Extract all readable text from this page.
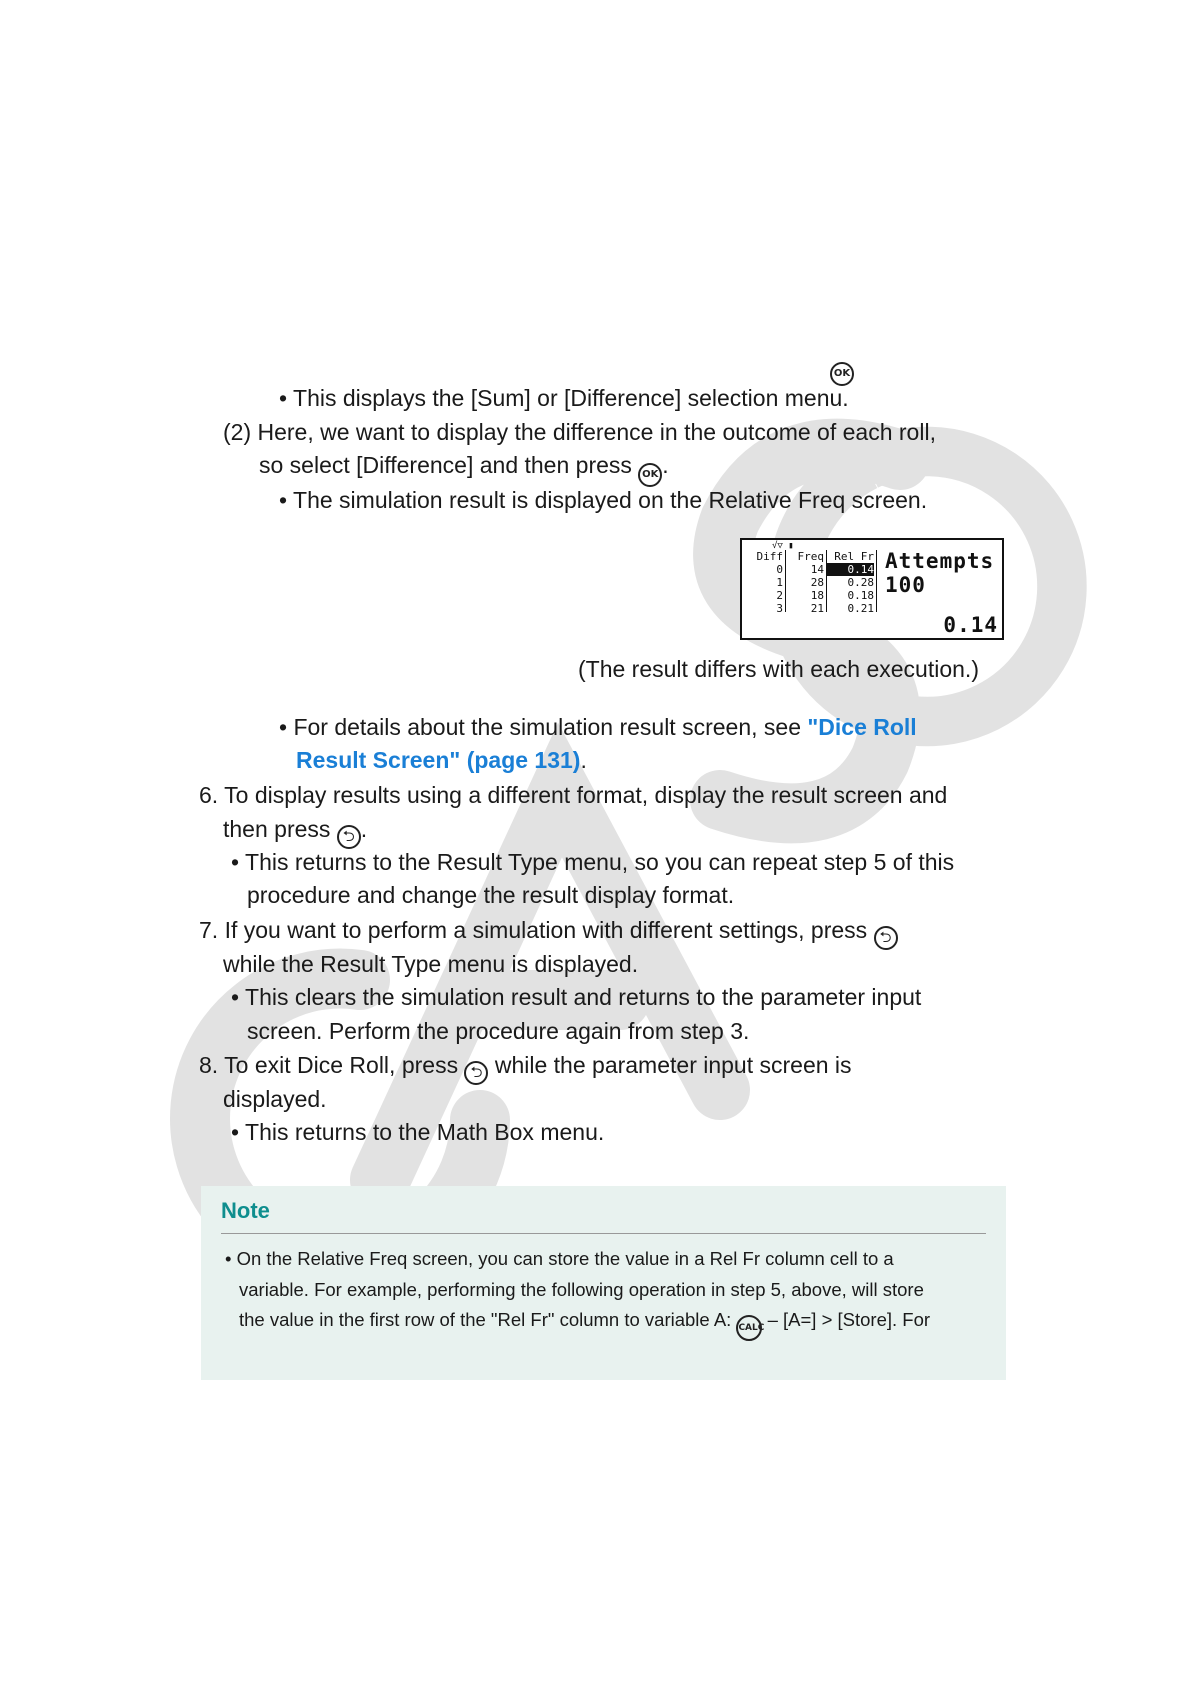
OK
• This displays the [Sum] or [Difference] selection menu.
(2) Here, we want to display the difference in the outcome of each roll,
so select [Difference] and then press OK .
• The simulation result is displayed on the Relative Freq screen.
√▽ ▮
Diff
0
1
2
3
Freq
14
28
18
21
Rel Fr
0.14
0.28
0.18
0.21
Attempts
100
0.14
(The result differs with each execution.)
• For details about the simulation result screen, see "Dice Roll
Result Screen" (page 131).
6. To display results using a different format, display the result screen and
then press ⮌ .
• This returns to the Result Type menu, so you can repeat step 5 of this
procedure and change the result display format.
7. If you want to perform a simulation with different settings, press ⮌
while the Result Type menu is displayed.
• This clears the simulation result and returns to the parameter input
screen. Perform the procedure again from step 3.
8. To exit Dice Roll, press ⮌ while the parameter input screen is
displayed.
• This returns to the Math Box menu.
Note
• On the Relative Freq screen, you can store the value in a Rel Fr column cell to a
variable. For example, performing the following operation in step 5, above, will store
the value in the first row of the "Rel Fr" column to variable A: CALC – [A=] > [Store]. For
